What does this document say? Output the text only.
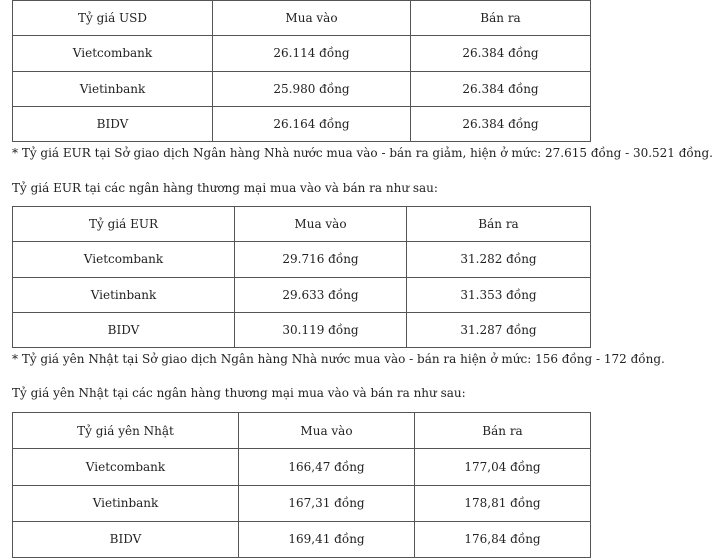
Tỷ giá USD	Mua vào	Bán ra
Vietcombank	26.114 đồng	26.384 đồng
Vietinbank	25.980 đồng	26.384 đồng
BIDV	26.164 đồng	26.384 đồng
* Tỷ giá EUR tại Sở giao dịch Ngân hàng Nhà nước mua vào - bán ra giảm, hiện ở mức: 27.615 đồng - 30.521 đồng.
Tỷ giá EUR tại các ngân hàng thương mại mua vào và bán ra như sau:
Tỷ giá EUR	Mua vào	Bán ra
Vietcombank	29.716 đồng	31.282 đồng
Vietinbank	29.633 đồng	31.353 đồng
BIDV	30.119 đồng	31.287 đồng
* Tỷ giá yên Nhật tại Sở giao dịch Ngân hàng Nhà nước mua vào - bán ra hiện ở mức: 156 đồng - 172 đồng.
Tỷ giá yên Nhật tại các ngân hàng thương mại mua vào và bán ra như sau:
Tỷ giá yên Nhật	Mua vào	Bán ra
Vietcombank	166,47 đồng	177,04 đồng
Vietinbank	167,31 đồng	178,81 đồng
BIDV	169,41 đồng	176,84 đồng
